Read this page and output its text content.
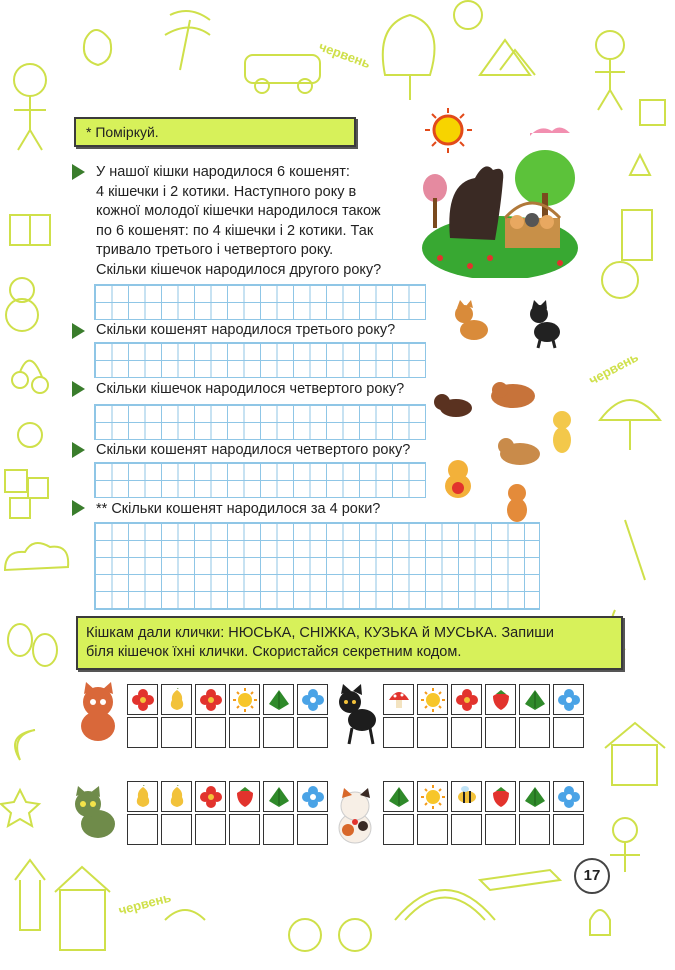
червень
червень
червень
* Поміркуй.
У нашої кішки народилося 6 кошенят:
4 кішечки і 2 котики. Наступного року в
кожної молодої кішечки народилося також
по 6 кошенят: по 4 кішечки і 2 котики. Так
тривало третього і четвертого року.
Скільки кішечок народилося другого року?
Скільки кошенят народилося третього року?
Скільки кішечок народилося четвертого року?
Скільки кошенят народилося четвертого року?
** Скільки кошенят народилося за 4 роки?
Кішкам дали клички: НЮСЬКА, СНІЖКА, КУЗЬКА й МУСЬКА. Запиши
біля кішечок їхні клички. Скористайся секретним кодом.
17
